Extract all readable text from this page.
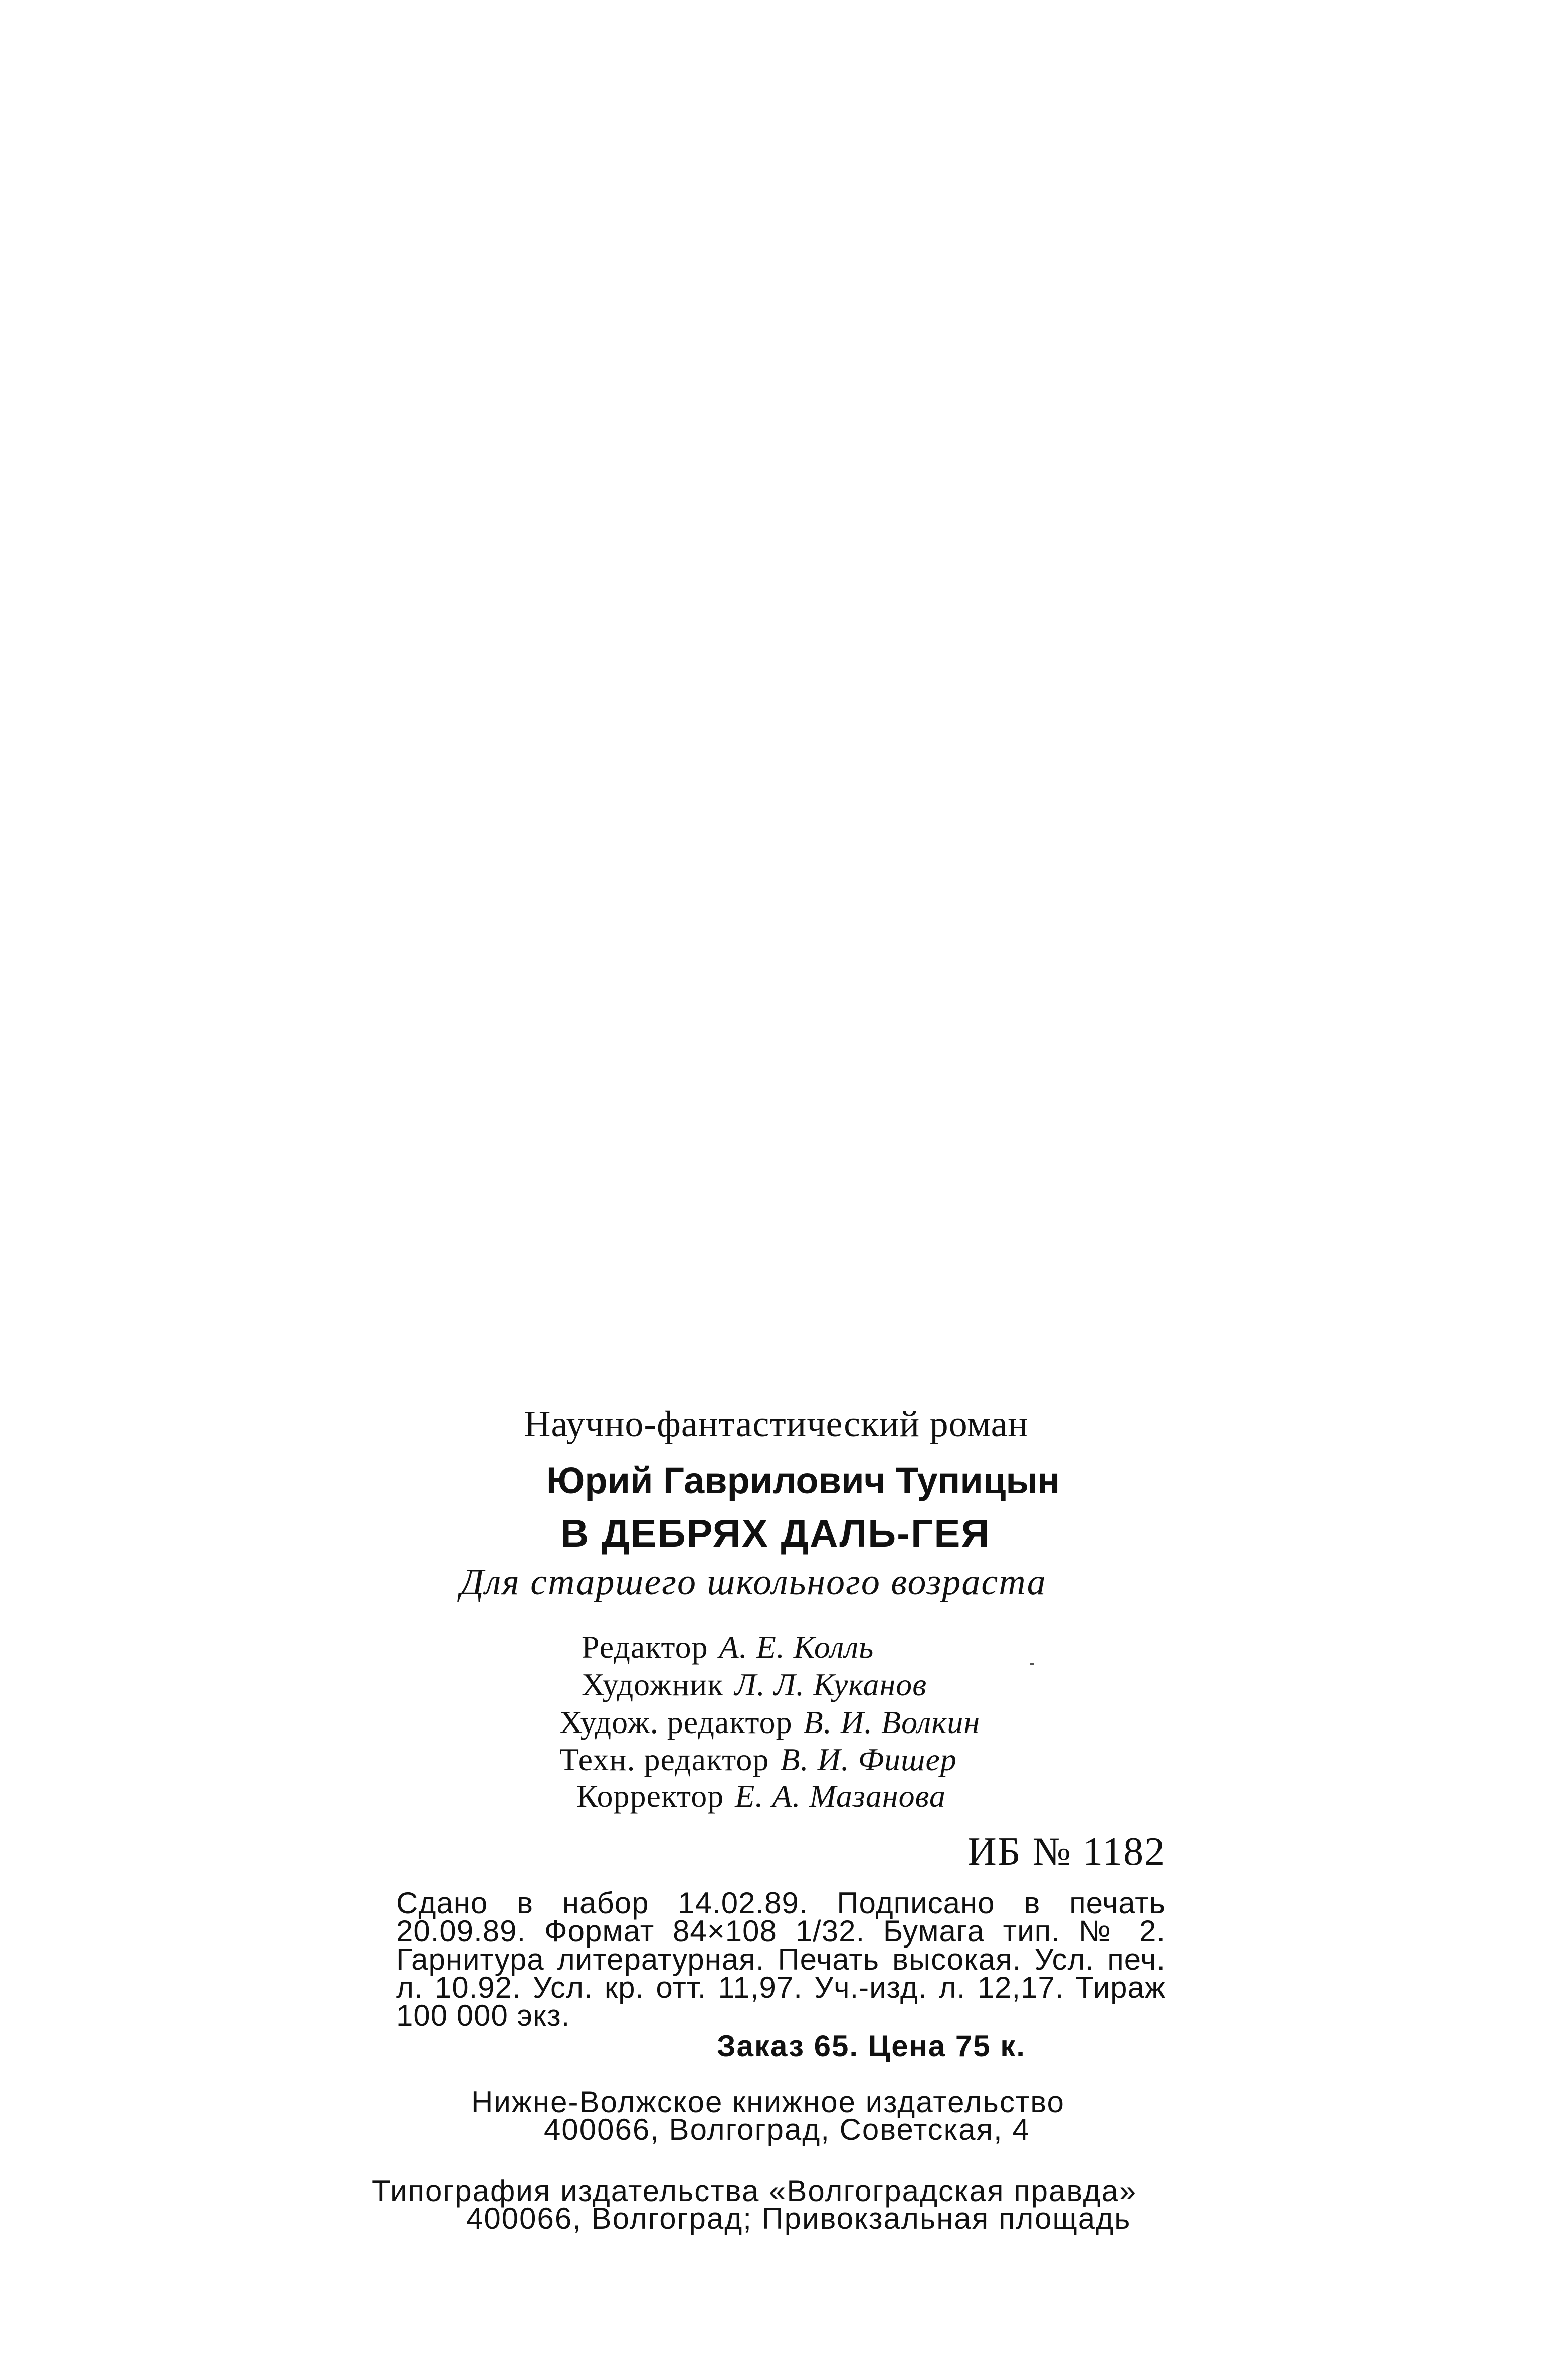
Научно-фантастический роман
Юрий Гаврилович Тупицын
В ДЕБРЯХ ДАЛЬ-ГЕЯ
Для старшего школьного возраста
Редактор А. Е. Колль
Художник Л. Л. Куканов
Худож. редактор В. И. Волкин
Техн. редактор В. И. Фишер
Корректор Е. А. Мазанова
ИБ № 1182
Сдано в набор 14.02.89. Подписано в печать 20.09.89. Формат 84×108 1/32. Бумага тип. № 2. Гарнитура литературная. Печать высокая. Усл. печ. л. 10.92. Усл. кр. отт. 11,97. Уч.-изд. л. 12,17. Тираж 100 000 экз.
Заказ 65. Цена 75 к.
Нижне-Волжское книжное издательство
400066, Волгоград, Советская, 4
Типография издательства «Волгоградская правда»
400066, Волгоград; Привокзальная площадь
